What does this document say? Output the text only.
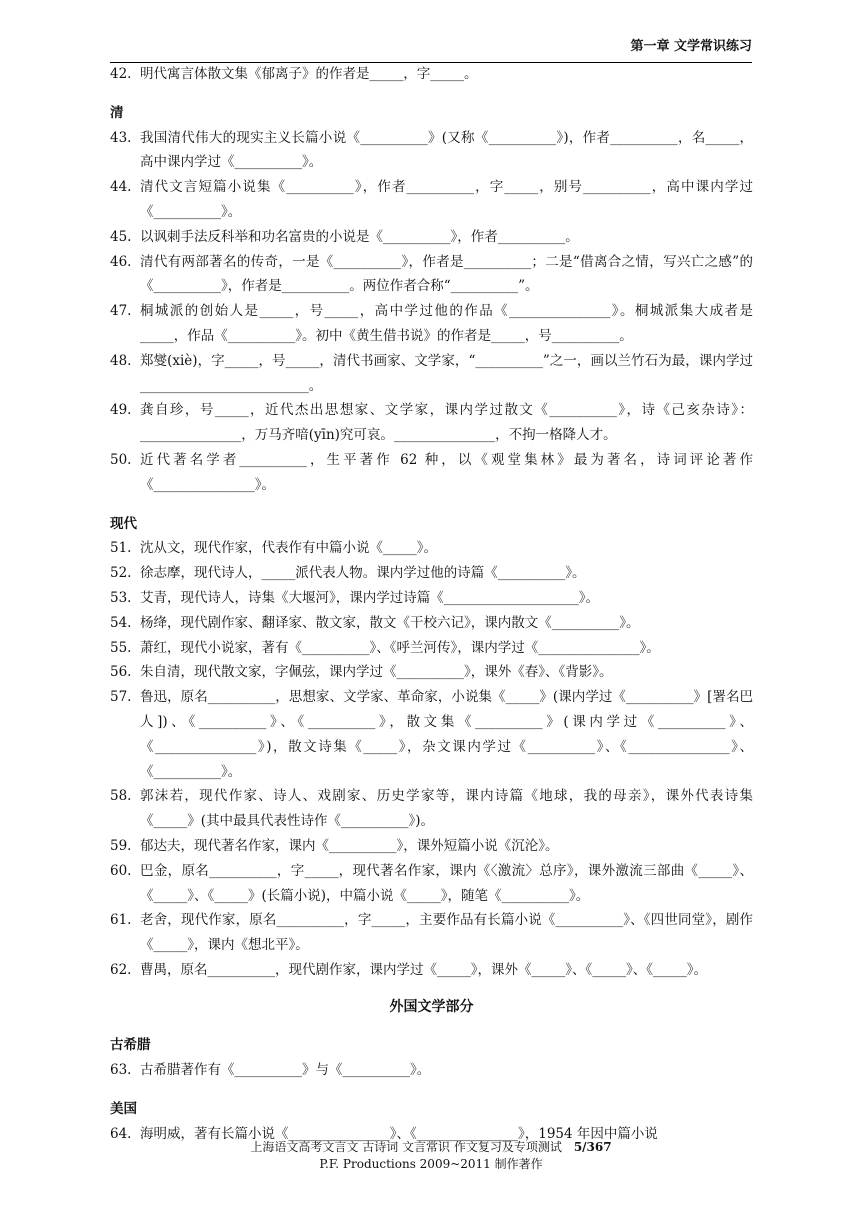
第一章 文学常识练习
42. 明代寓言体散文集《郁离子》的作者是_____，字_____。
清
43. 我国清代伟大的现实主义长篇小说《__________》(又称《__________》)，作者__________，名_____，高中课内学过《__________》。
44. 清代文言短篇小说集《__________》，作者__________，字_____，别号__________，高中课内学过《__________》。
45. 以讽刺手法反科举和功名富贵的小说是《__________》，作者__________。
46. 清代有两部著名的传奇，一是《__________》，作者是__________；二是“借离合之情，写兴亡之感”的《__________》，作者是__________。两位作者合称“__________”。
47. 桐城派的创始人是_____，号_____，高中学过他的作品《_______________》。桐城派集大成者是_____，作品《__________》。初中《黄生借书说》的作者是_____，号__________。
48. 郑燮(xiè)，字_____，号_____，清代书画家、文学家，“__________”之一，画以兰竹石为最，课内学过_________________________。
49. 龚自珍，号_____，近代杰出思想家、文学家，课内学过散文《__________》，诗《己亥杂诗》：_______________，万马齐喑(yīn)究可哀。_______________，不拘一格降人才。
50. 近代著名学者__________，生平著作 62 种，以《观堂集林》最为著名，诗词评论著作《_______________》。
现代
51. 沈从文，现代作家，代表作有中篇小说《_____》。
52. 徐志摩，现代诗人，_____派代表人物。课内学过他的诗篇《__________》。
53. 艾青，现代诗人，诗集《大堰河》，课内学过诗篇《____________________》。
54. 杨绛，现代剧作家、翻译家、散文家，散文《干校六记》，课内散文《__________》。
55. 萧红，现代小说家，著有《__________》、《呼兰河传》，课内学过《_______________》。
56. 朱自清，现代散文家，字佩弦，课内学过《__________》，课外《春》、《背影》。
57. 鲁迅，原名__________，思想家、文学家、革命家，小说集《_____》(课内学过《__________》[署名巴人])、《__________》、《__________》，散文集《__________》(课内学过《__________》、《_______________》)，散文诗集《_____》，杂文课内学过《__________》、《_______________》、《__________》。
58. 郭沫若，现代作家、诗人、戏剧家、历史学家等，课内诗篇《地球，我的母亲》，课外代表诗集《_____》(其中最具代表性诗作《__________》)。
59. 郁达夫，现代著名作家，课内《__________》，课外短篇小说《沉沦》。
60. 巴金，原名__________，字_____，现代著名作家，课内《〈激流〉总序》，课外激流三部曲《_____》、《_____》、《_____》(长篇小说)，中篇小说《_____》，随笔《__________》。
61. 老舍，现代作家，原名__________，字_____，主要作品有长篇小说《__________》、《四世同堂》，剧作《_____》，课内《想北平》。
62. 曹禺，原名__________，现代剧作家，课内学过《_____》，课外《_____》、《_____》、《_____》。
外国文学部分
古希腊
63. 古希腊著作有《__________》与《__________》。
美国
64. 海明威，著有长篇小说《_______________》、《_______________》，1954 年因中篇小说
上海语文高考文言文 古诗词 文言常识 作文复习及专项测试 5/367
P.F. Productions 2009~2011 制作著作
